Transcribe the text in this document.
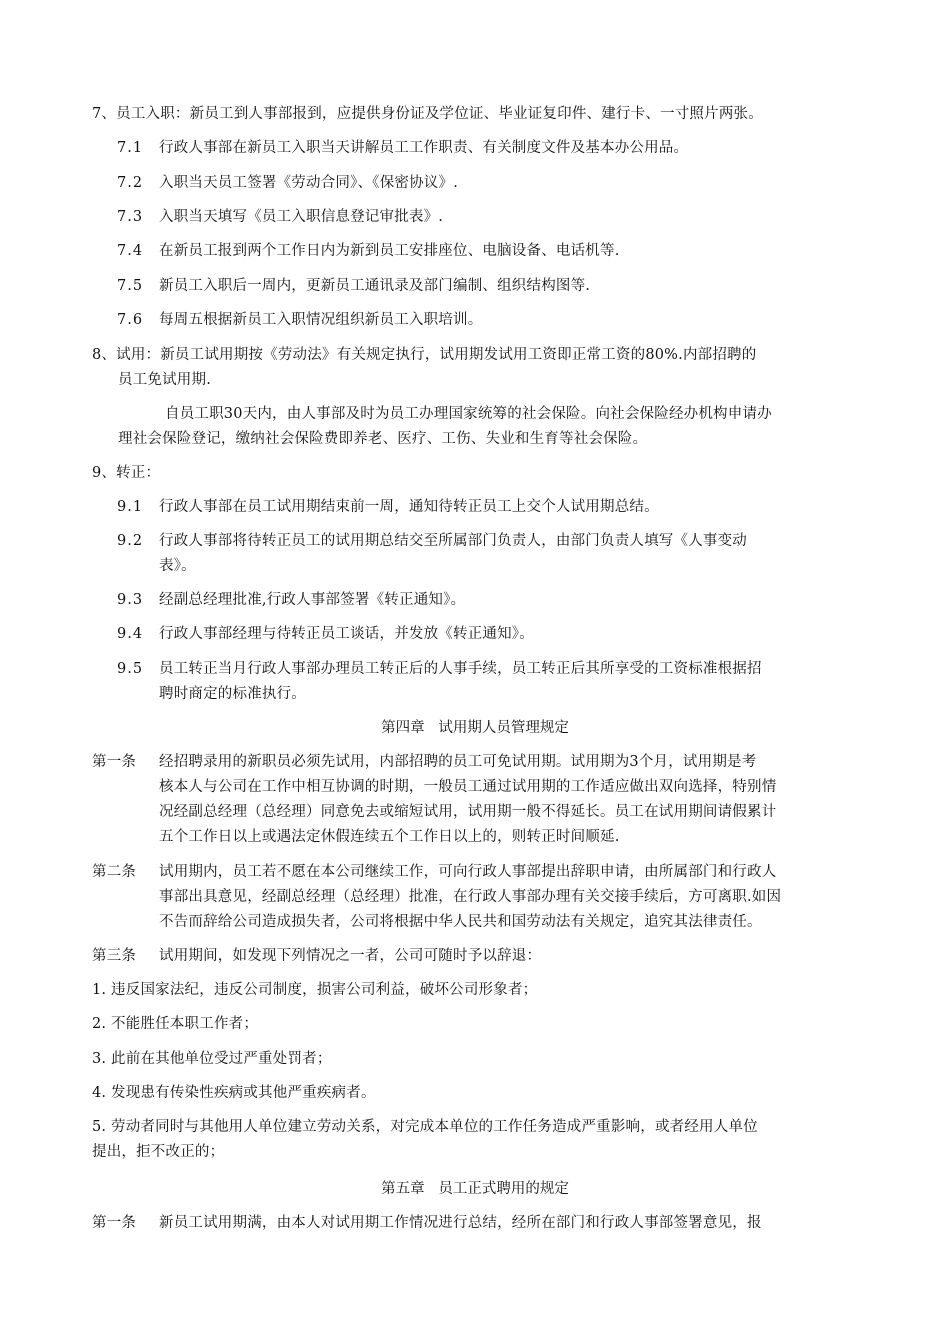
7、员工入职：新员工到人事部报到，应提供身份证及学位证、毕业证复印件、建行卡、一寸照片两张。
7.1 行政人事部在新员工入职当天讲解员工工作职责、有关制度文件及基本办公用品。
7.2 入职当天员工签署《劳动合同》、《保密协议》.
7.3 入职当天填写《员工入职信息登记审批表》.
7.4 在新员工报到两个工作日内为新到员工安排座位、电脑设备、电话机等.
7.5 新员工入职后一周内，更新员工通讯录及部门编制、组织结构图等.
7.6 每周五根据新员工入职情况组织新员工入职培训。
8、试用：新员工试用期按《劳动法》有关规定执行，试用期发试用工资即正常工资的80%.内部招聘的
员工免试用期.
自员工职30天内，由人事部及时为员工办理国家统筹的社会保险。向社会保险经办机构申请办
理社会保险登记，缴纳社会保险费即养老、医疗、工伤、失业和生育等社会保险。
9、转正：
9.1 行政人事部在员工试用期结束前一周，通知待转正员工上交个人试用期总结。
9.2 行政人事部将待转正员工的试用期总结交至所属部门负责人，由部门负责人填写《人事变动
表》。
9.3 经副总经理批准,行政人事部签署《转正通知》。
9.4 行政人事部经理与待转正员工谈话，并发放《转正通知》。
9.5 员工转正当月行政人事部办理员工转正后的人事手续，员工转正后其所享受的工资标准根据招
聘时商定的标准执行。
第四章   试用期人员管理规定
第一条 经招聘录用的新职员必须先试用，内部招聘的员工可免试用期。试用期为3个月，试用期是考
核本人与公司在工作中相互协调的时期，一般员工通过试用期的工作适应做出双向选择，特别情
况经副总经理（总经理）同意免去或缩短试用，试用期一般不得延长。员工在试用期间请假累计
五个工作日以上或遇法定休假连续五个工作日以上的，则转正时间顺延.
第二条 试用期内，员工若不愿在本公司继续工作，可向行政人事部提出辞职申请，由所属部门和行政人
事部出具意见，经副总经理（总经理）批准，在行政人事部办理有关交接手续后，方可离职.如因
不告而辞给公司造成损失者，公司将根据中华人民共和国劳动法有关规定，追究其法律责任。
第三条 试用期间，如发现下列情况之一者，公司可随时予以辞退：
1. 违反国家法纪，违反公司制度，损害公司利益，破坏公司形象者；
2. 不能胜任本职工作者；
3. 此前在其他单位受过严重处罚者；
4. 发现患有传染性疾病或其他严重疾病者。
5. 劳动者同时与其他用人单位建立劳动关系，对完成本单位的工作任务造成严重影响，或者经用人单位
提出，拒不改正的；
第五章   员工正式聘用的规定
第一条 新员工试用期满，由本人对试用期工作情况进行总结，经所在部门和行政人事部签署意见，报
